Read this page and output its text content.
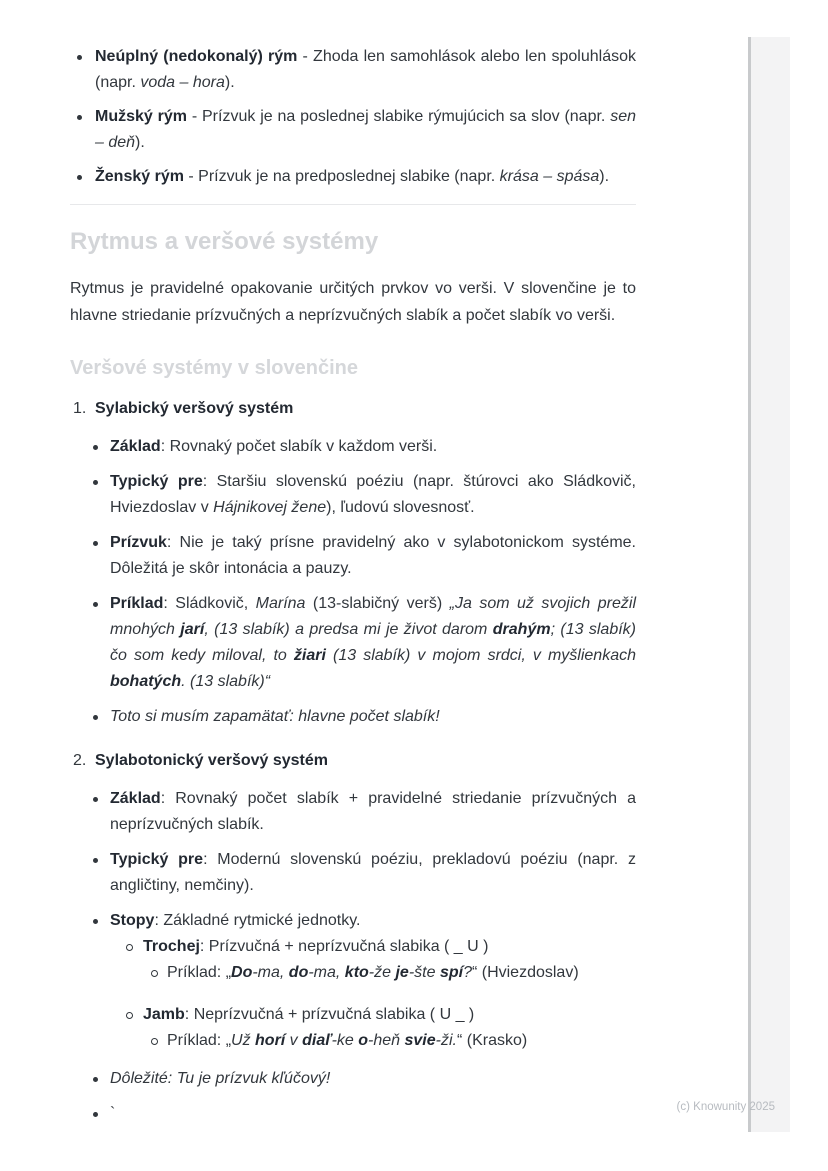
Neúplný (nedokonalý) rým - Zhoda len samohlások alebo len spoluhlások (napr. voda – hora).
Mužský rým - Prízvuk je na poslednej slabike rýmujúcich sa slov (napr. sen – deň).
Ženský rým - Prízvuk je na predposlednej slabike (napr. krása – spása).
Rytmus a veršové systémy

Rytmus je pravidelné opakovanie určitých prvkov vo verši. V slovenčine je to hlavne striedanie prízvučných a neprízvučných slabík a počet slabík vo verši.

Veršové systémy v slovenčine
1. Sylabický veršový systém
Základ: Rovnaký počet slabík v každom verši.
Typický pre: Staršiu slovenskú poéziu (napr. štúrovci ako Sládkovič, Hviezdoslav v Hájnikovej žene), ľudovú slovesnosť.
Prízvuk: Nie je taký prísne pravidelný ako v sylabotonickom systéme. Dôležitá je skôr intonácia a pauzy.
Príklad: Sládkovič, Marína (13-slabičný verš) „Ja som už svojich prežil mnohých jarí, (13 slabík) a predsa mi je život darom drahým; (13 slabík) čo som kedy miloval, to žiari (13 slabík) v mojom srdci, v myšlienkach bohatých. (13 slabík)“
Toto si musím zapamätať: hlavne počet slabík!
2. Sylabotonický veršový systém
Základ: Rovnaký počet slabík + pravidelné striedanie prízvučných a neprízvučných slabík.
Typický pre: Modernú slovenskú poéziu, prekladovú poéziu (napr. z angličtiny, nemčiny).
Stopy: Základné rytmické jednotky.
Trochej: Prízvučná + neprízvučná slabika ( _ U )
Príklad: „Do-ma, do-ma, kto-že je-šte spí?“ (Hviezdoslav)
Jamb: Neprízvučná + prízvučná slabika ( U _ )
Príklad: „Už horí v diaľ-ke o-heň svie-ži.“ (Krasko)
Dôležité: Tu je prízvuk kľúčový!
`	(c) Knowunity 2025
